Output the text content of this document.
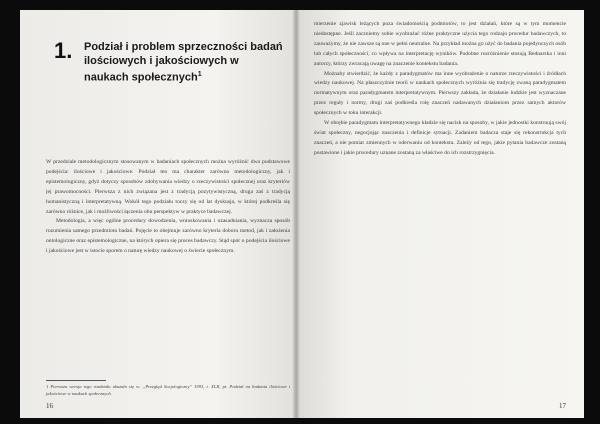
1. Podział i problem sprzeczności badań ilościowych i jakościowych w naukach społecznych$^1$

W przedziale metodologicznym stosowanym w badaniach społecznych można wyróżnić dwa podstawowe podejścia: ilościowe i jakościowe. Podział ten ma charakter zarówno metodologiczny, jak i epistemologiczny, gdyż dotyczy sposobów zdobywania wiedzy o rzeczywistości społecznej oraz kryteriów jej prawomocności. Pierwsza z nich związana jest z tradycją pozytywistyczną, druga zaś z tradycją humanistyczną i interpretatywną. Wokół tego podziału toczy się od lat dyskusja, w której podkreśla się zarówno różnice, jak i możliwości łączenia obu perspektyw w praktyce badawczej.

Metodologia, a więc ogólne procedury dowodzenia, wnioskowania i uzasadniania, wyznacza sposób rozumienia samego przedmiotu badań. Pojęcie to obejmuje zarówno kryteria doboru metod, jak i założenia ontologiczne oraz epistemologiczne, na których opiera się proces badawczy. Stąd spór o podejścia ilościowe i jakościowe jest w istocie sporem o naturę wiedzy naukowej o świecie społecznym.

1 Pierwsza wersja tego rozdziału ukazała się w: „Przegląd Socjologiczny” 1993, t. XLII, pt. Podział na badania ilościowe i jakościowe w naukach społecznych.
16

mierzenie zjawisk leżących poza świadomością podmiotów, to jest działań, które są w tym momencie niedostępne. Jeśli zaczniemy sobie wyobrażać różne praktyczne użycia tego rodzaju procedur badawczych, to zauważymy, że nie zawsze są one w pełni neutralne. Na przykład można go użyć do badania pojedynczych osób lub całych społeczności, co wpływa na interpretację wyników. Podobne rozróżnienie stosują Bednarska i inni autorzy, którzy zwracają uwagę na znaczenie kontekstu badania.

Możnaby stwierdzić, że każdy z paradygmatów ma inne wyobrażenie o naturze rzeczywistości i źródłach wiedzy naukowej. Na płaszczyźnie teorii w naukach społecznych wyróżnia się tradycję zwaną paradygmatem normatywnym oraz paradygmatem interpretatywnym. Pierwszy zakłada, że działanie ludzkie jest wyznaczane przez reguły i normy, drugi zaś podkreśla rolę znaczeń nadawanych działaniom przez samych aktorów społecznych w toku interakcji.

W obrębie paradygmatu interpretatywnego kładzie się nacisk na sposoby, w jakie jednostki konstruują swój świat społeczny, negocjując znaczenia i definicje sytuacji. Zadaniem badacza staje się rekonstrukcja tych znaczeń, a nie pomiar zmiennych w oderwaniu od kontekstu. Zależy od tego, jakie pytania badawcze zostaną postawione i jakie procedury uznane zostaną za właściwe do ich rozstrzygnięcia.

17
